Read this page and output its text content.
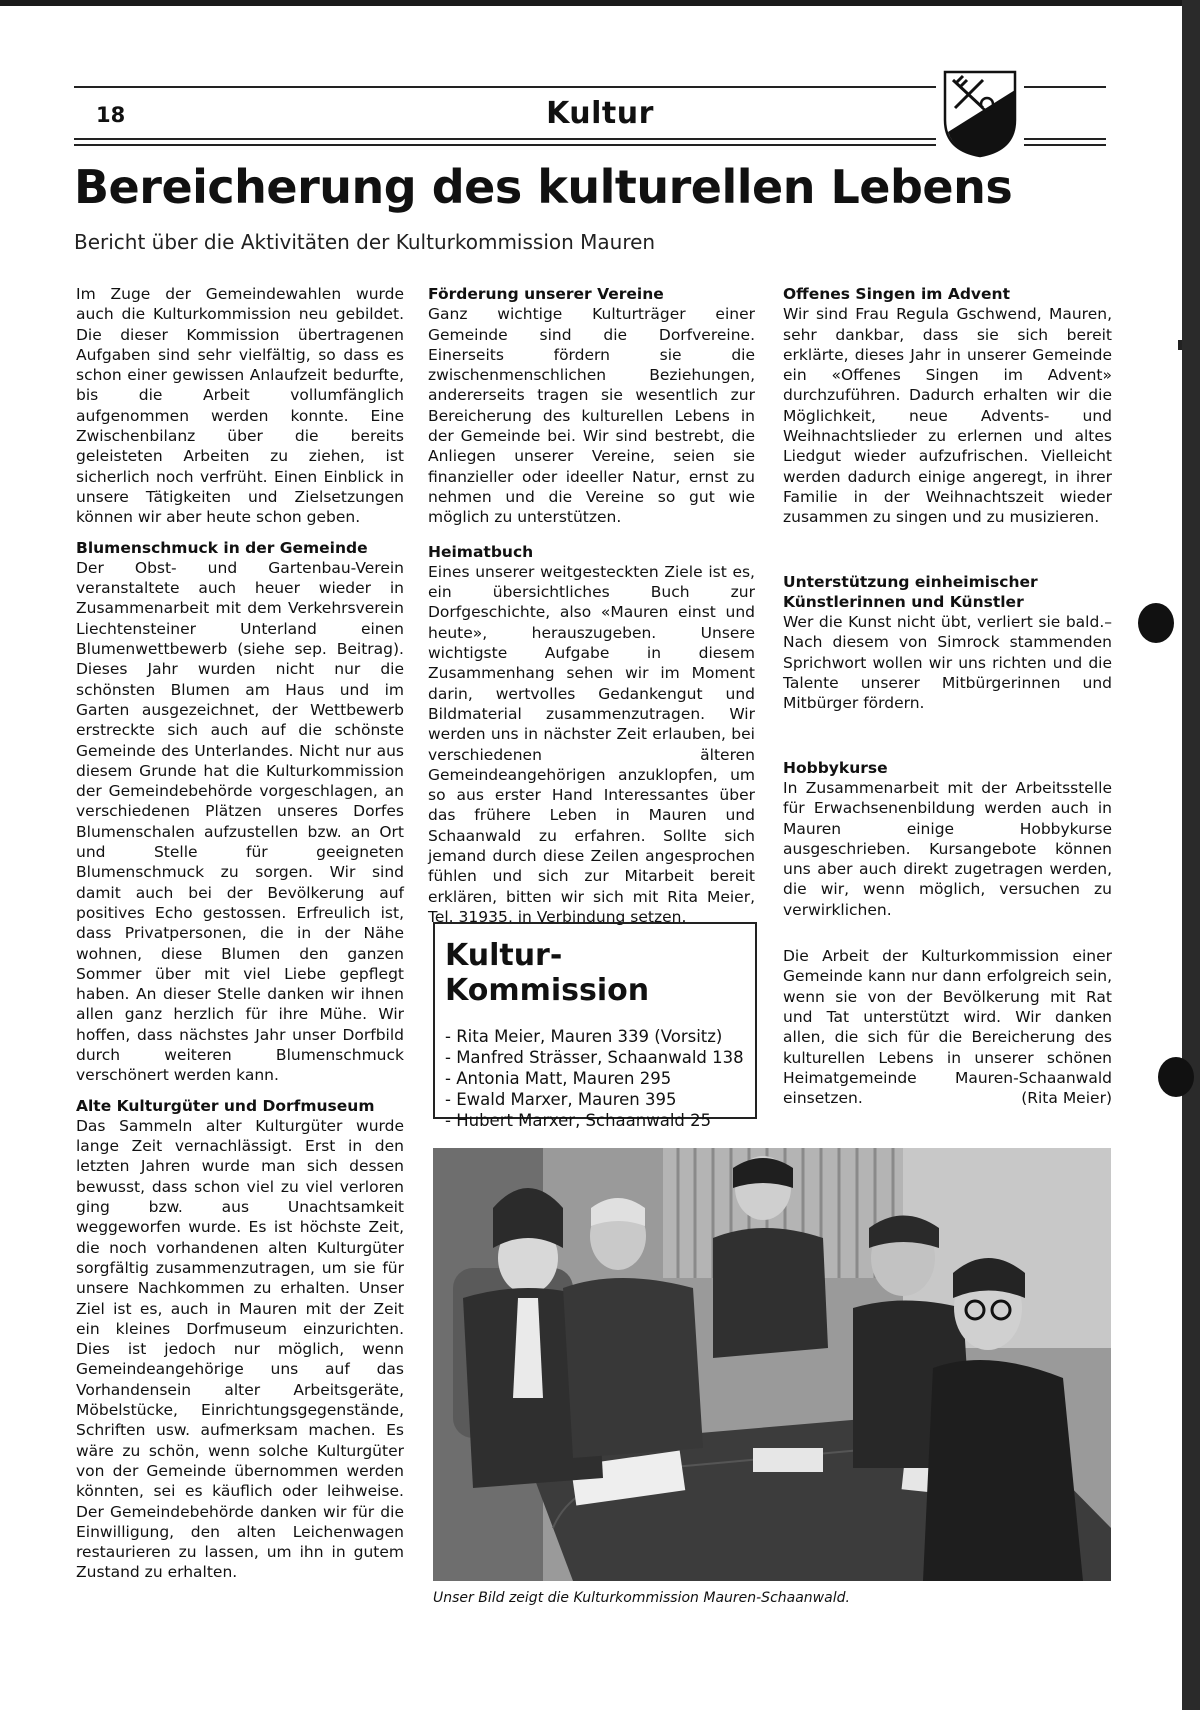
18	Kultur
Bereicherung des kulturellen Lebens
Bericht über die Aktivitäten der Kulturkommission Mauren

Im Zuge der Gemeindewahlen wurde auch die Kulturkommission neu gebildet. Die dieser Kommission übertragenen Aufgaben sind sehr vielfältig, so dass es schon einer gewissen Anlaufzeit bedurfte, bis die Arbeit vollumfänglich aufgenommen werden konnte. Eine Zwischenbilanz über die bereits geleisteten Arbeiten zu ziehen, ist sicherlich noch verfrüht. Einen Einblick in unsere Tätigkeiten und Zielsetzungen können wir aber heute schon geben.

Blumenschmuck in der Gemeinde

Der Obst- und Gartenbau-Verein veranstaltete auch heuer wieder in Zusammenarbeit mit dem Verkehrsverein Liechtensteiner Unterland einen Blumenwettbewerb (siehe sep. Beitrag). Dieses Jahr wurden nicht nur die schönsten Blumen am Haus und im Garten ausgezeichnet, der Wettbewerb erstreckte sich auch auf die schönste Gemeinde des Unterlandes. Nicht nur aus diesem Grunde hat die Kulturkommission der Gemeindebehörde vorgeschlagen, an verschiedenen Plätzen unseres Dorfes Blumenschalen aufzustellen bzw. an Ort und Stelle für geeigneten Blumenschmuck zu sorgen. Wir sind damit auch bei der Bevölkerung auf positives Echo gestossen. Erfreulich ist, dass Privatpersonen, die in der Nähe wohnen, diese Blumen den ganzen Sommer über mit viel Liebe gepflegt haben. An dieser Stelle danken wir ihnen allen ganz herzlich für ihre Mühe. Wir hoffen, dass nächstes Jahr unser Dorfbild durch weiteren Blumenschmuck verschönert werden kann.

Alte Kulturgüter und Dorfmuseum

Das Sammeln alter Kulturgüter wurde lange Zeit vernachlässigt. Erst in den letzten Jahren wurde man sich dessen bewusst, dass schon viel zu viel verloren ging bzw. aus Unachtsamkeit weggeworfen wurde. Es ist höchste Zeit, die noch vorhandenen alten Kulturgüter sorgfältig zusammenzutragen, um sie für unsere Nachkommen zu erhalten. Unser Ziel ist es, auch in Mauren mit der Zeit ein kleines Dorfmuseum einzurichten. Dies ist jedoch nur möglich, wenn Gemeindeangehörige uns auf das Vorhandensein alter Arbeitsgeräte, Möbelstücke, Einrichtungsgegenstände, Schriften usw. aufmerksam machen. Es wäre zu schön, wenn solche Kulturgüter von der Gemeinde übernommen werden könnten, sei es käuflich oder leihweise. Der Gemeindebehörde danken wir für die Einwilligung, den alten Leichenwagen restaurieren zu lassen, um ihn in gutem Zustand zu erhalten.

Förderung unserer Vereine

Ganz wichtige Kulturträger einer Gemeinde sind die Dorfvereine. Einerseits fördern sie die zwischenmenschlichen Beziehungen, andererseits tragen sie wesentlich zur Bereicherung des kulturellen Lebens in der Gemeinde bei. Wir sind bestrebt, die Anliegen unserer Vereine, seien sie finanzieller oder ideeller Natur, ernst zu nehmen und die Vereine so gut wie möglich zu unterstützen.

Heimatbuch

Eines unserer weitgesteckten Ziele ist es, ein übersichtliches Buch zur Dorfgeschichte, also «Mauren einst und heute», herauszugeben. Unsere wichtigste Aufgabe in diesem Zusammenhang sehen wir im Moment darin, wertvolles Gedankengut und Bildmaterial zusammenzutragen. Wir werden uns in nächster Zeit erlauben, bei verschiedenen älteren Gemeindeangehörigen anzuklopfen, um so aus erster Hand Interessantes über das frühere Leben in Mauren und Schaanwald zu erfahren. Sollte sich jemand durch diese Zeilen angesprochen fühlen und sich zur Mitarbeit bereit erklären, bitten wir sich mit Rita Meier, Tel. 31935, in Verbindung setzen.

Offenes Singen im Advent

Wir sind Frau Regula Gschwend, Mauren, sehr dankbar, dass sie sich bereit erklärte, dieses Jahr in unserer Gemeinde ein «Offenes Singen im Advent» durchzuführen. Dadurch erhalten wir die Möglichkeit, neue Advents- und Weihnachtslieder zu erlernen und altes Liedgut wieder aufzufrischen. Vielleicht werden dadurch einige angeregt, in ihrer Familie in der Weihnachtszeit wieder zusammen zu singen und zu musizieren.

Unterstützung einheimischer Künstlerinnen und Künstler

Wer die Kunst nicht übt, verliert sie bald.– Nach diesem von Simrock stammenden Sprichwort wollen wir uns richten und die Talente unserer Mitbürgerinnen und Mitbürger fördern.

Hobbykurse

In Zusammenarbeit mit der Arbeitsstelle für Erwachsenenbildung werden auch in Mauren einige Hobbykurse ausgeschrieben. Kursangebote können uns aber auch direkt zugetragen werden, die wir, wenn möglich, versuchen zu verwirklichen.

Die Arbeit der Kulturkommission einer Gemeinde kann nur dann erfolgreich sein, wenn sie von der Bevölkerung mit Rat und Tat unterstützt wird. Wir danken allen, die sich für die Bereicherung des kulturellen Lebens in unserer schönen Heimatgemeinde Mauren-Schaanwald einsetzen.	(Rita Meier)

Kultur-Kommission
- Rita Meier, Mauren 339 (Vorsitz)
- Manfred Strässer, Schaanwald 138
- Antonia Matt, Mauren 295
- Ewald Marxer, Mauren 395
- Hubert Marxer, Schaanwald 25
Unser Bild zeigt die Kulturkommission Mauren-Schaanwald.
